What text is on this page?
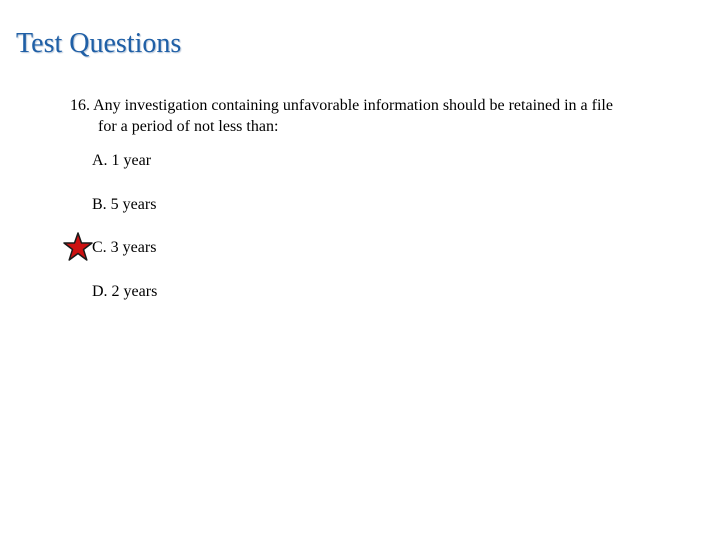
Test Questions
16. Any investigation containing unfavorable information should be retained in a file
for a period of not less than:
A. 1 year
B. 5 years
C. 3 years
D. 2 years
